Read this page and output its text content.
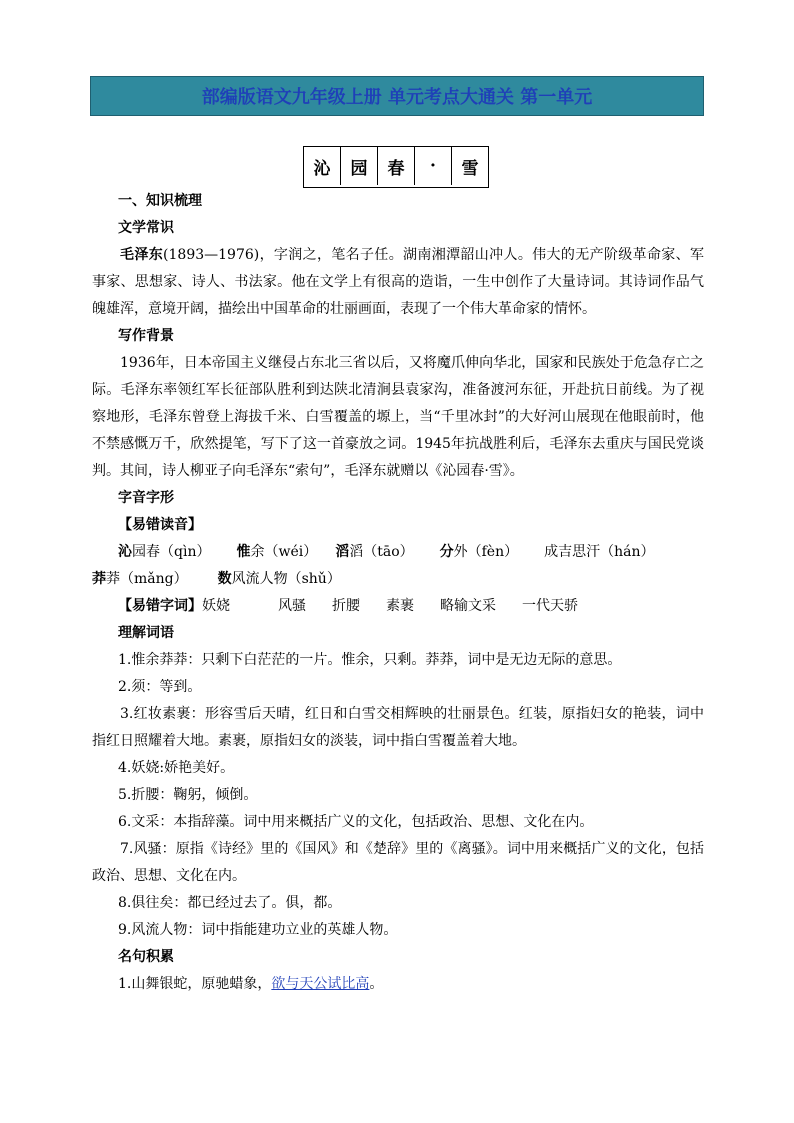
部编版语文九年级上册 单元考点大通关 第一单元
沁	园	春	·	雪
一、知识梳理
文学常识
毛泽东(1893—1976)，字润之，笔名子任。湖南湘潭韶山冲人。伟大的无产阶级革命家、军事家、思想家、诗人、书法家。他在文学上有很高的造诣，一生中创作了大量诗词。其诗词作品气魄雄浑，意境开阔，描绘出中国革命的壮丽画面，表现了一个伟大革命家的情怀。
写作背景
1936年，日本帝国主义继侵占东北三省以后，又将魔爪伸向华北，国家和民族处于危急存亡之际。毛泽东率领红军长征部队胜利到达陕北清涧县袁家沟，准备渡河东征，开赴抗日前线。为了视察地形，毛泽东曾登上海拔千米、白雪覆盖的塬上，当“千里冰封”的大好河山展现在他眼前时，他不禁感慨万千，欣然提笔，写下了这一首豪放之词。1945年抗战胜利后，毛泽东去重庆与国民党谈判。其间，诗人柳亚子向毛泽东“索句”，毛泽东就赠以《沁园春·雪》。
字音字形
【易错读音】
沁园春（qìn） 惟余（wéi） 滔滔（tāo） 分外（fèn） 成吉思汗（hán）
莽莽（mǎng） 数风流人物（shǔ）
【易错字词】妖娆	风骚 折腰 素裹 略输文采 一代天骄
理解词语
1.惟余莽莽：只剩下白茫茫的一片。惟余，只剩。莽莽，词中是无边无际的意思。
2.须：等到。
3.红妆素裹：形容雪后天晴，红日和白雪交相辉映的壮丽景色。红装，原指妇女的艳装，词中指红日照耀着大地。素裹，原指妇女的淡装，词中指白雪覆盖着大地。
4.妖娆:娇艳美好。
5.折腰：鞠躬，倾倒。
6.文采：本指辞藻。词中用来概括广义的文化，包括政治、思想、文化在内。
7.风骚：原指《诗经》里的《国风》和《楚辞》里的《离骚》。词中用来概括广义的文化，包括政治、思想、文化在内。
8.俱往矣：都已经过去了。俱，都。
9.风流人物：词中指能建功立业的英雄人物。
名句积累
1.山舞银蛇，原驰蜡象，欲与天公试比高。
